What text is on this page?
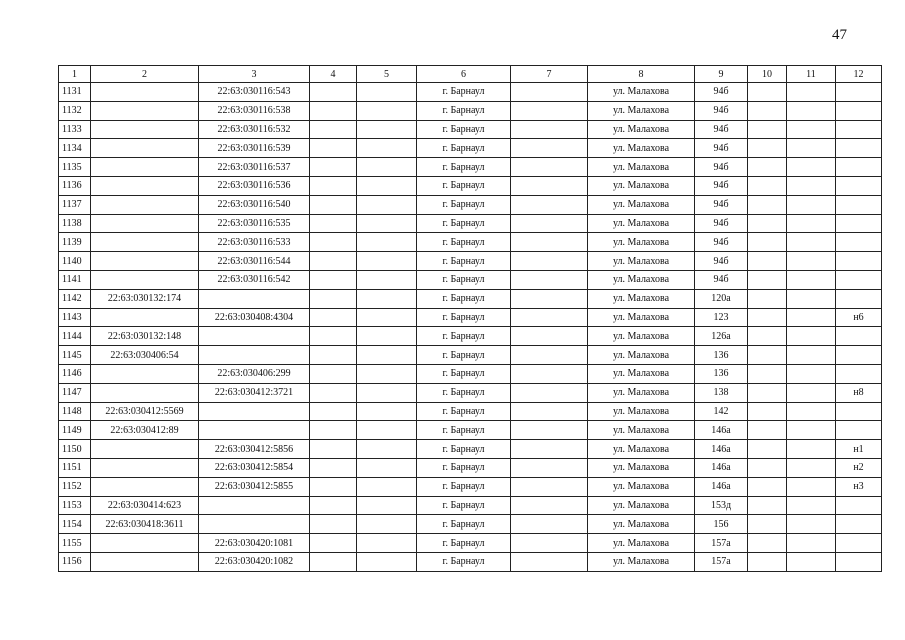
47
1	2	3	4	5	6	7	8	9	10	11	12
1131		22:63:030116:543			г. Барнаул		ул. Малахова	94б			
1132		22:63:030116:538			г. Барнаул		ул. Малахова	94б			
1133		22:63:030116:532			г. Барнаул		ул. Малахова	94б			
1134		22:63:030116:539			г. Барнаул		ул. Малахова	94б			
1135		22:63:030116:537			г. Барнаул		ул. Малахова	94б			
1136		22:63:030116:536			г. Барнаул		ул. Малахова	94б			
1137		22:63:030116:540			г. Барнаул		ул. Малахова	94б			
1138		22:63:030116:535			г. Барнаул		ул. Малахова	94б			
1139		22:63:030116:533			г. Барнаул		ул. Малахова	94б			
1140		22:63:030116:544			г. Барнаул		ул. Малахова	94б			
1141		22:63:030116:542			г. Барнаул		ул. Малахова	94б			
1142	22:63:030132:174				г. Барнаул		ул. Малахова	120а			
1143		22:63:030408:4304			г. Барнаул		ул. Малахова	123			н6
1144	22:63:030132:148				г. Барнаул		ул. Малахова	126а			
1145	22:63:030406:54				г. Барнаул		ул. Малахова	136			
1146		22:63:030406:299			г. Барнаул		ул. Малахова	136			
1147		22:63:030412:3721			г. Барнаул		ул. Малахова	138			н8
1148	22:63:030412:5569				г. Барнаул		ул. Малахова	142			
1149	22:63:030412:89				г. Барнаул		ул. Малахова	146а			
1150		22:63:030412:5856			г. Барнаул		ул. Малахова	146а			н1
1151		22:63:030412:5854			г. Барнаул		ул. Малахова	146а			н2
1152		22:63:030412:5855			г. Барнаул		ул. Малахова	146а			н3
1153	22:63:030414:623				г. Барнаул		ул. Малахова	153д			
1154	22:63:030418:3611				г. Барнаул		ул. Малахова	156			
1155		22:63:030420:1081			г. Барнаул		ул. Малахова	157а			
1156		22:63:030420:1082			г. Барнаул		ул. Малахова	157а			
